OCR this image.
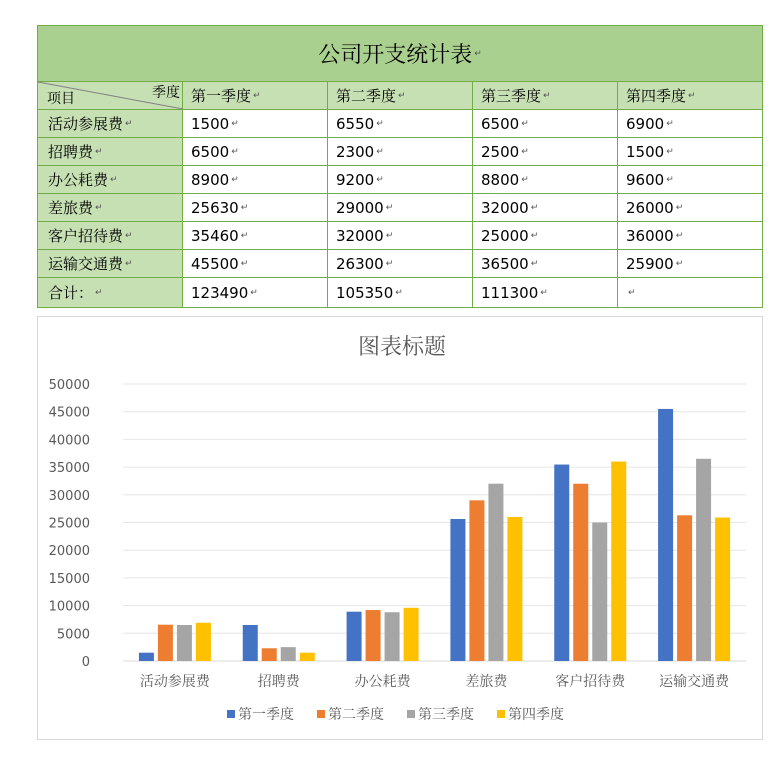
公司开支统计表 ↵
项目	季度 第一季度 ↵	第二季度 ↵	第三季度 ↵	第四季度 ↵
活动参展费 ↵	1500 ↵	6550 ↵	6500 ↵	6900 ↵
招聘费 ↵	6500 ↵	2300 ↵	2500 ↵	1500 ↵
办公耗费 ↵	8900 ↵	9200 ↵	8800 ↵	9600 ↵
差旅费 ↵	25630 ↵	29000 ↵	32000 ↵	26000 ↵
客户招待费 ↵	35460 ↵	32000 ↵	25000 ↵	36000 ↵
运输交通费 ↵	45500 ↵	26300 ↵	36500 ↵	25900 ↵
合计： ↵	123490 ↵	105350 ↵	111300 ↵	↵
图表标题
0
5000
10000
15000
20000
25000
30000
35000
40000
45000
50000
活动参展费	招聘费	办公耗费	差旅费	客户招待费 运输交通费
第一季度 第二季度 第三季度 第四季度
